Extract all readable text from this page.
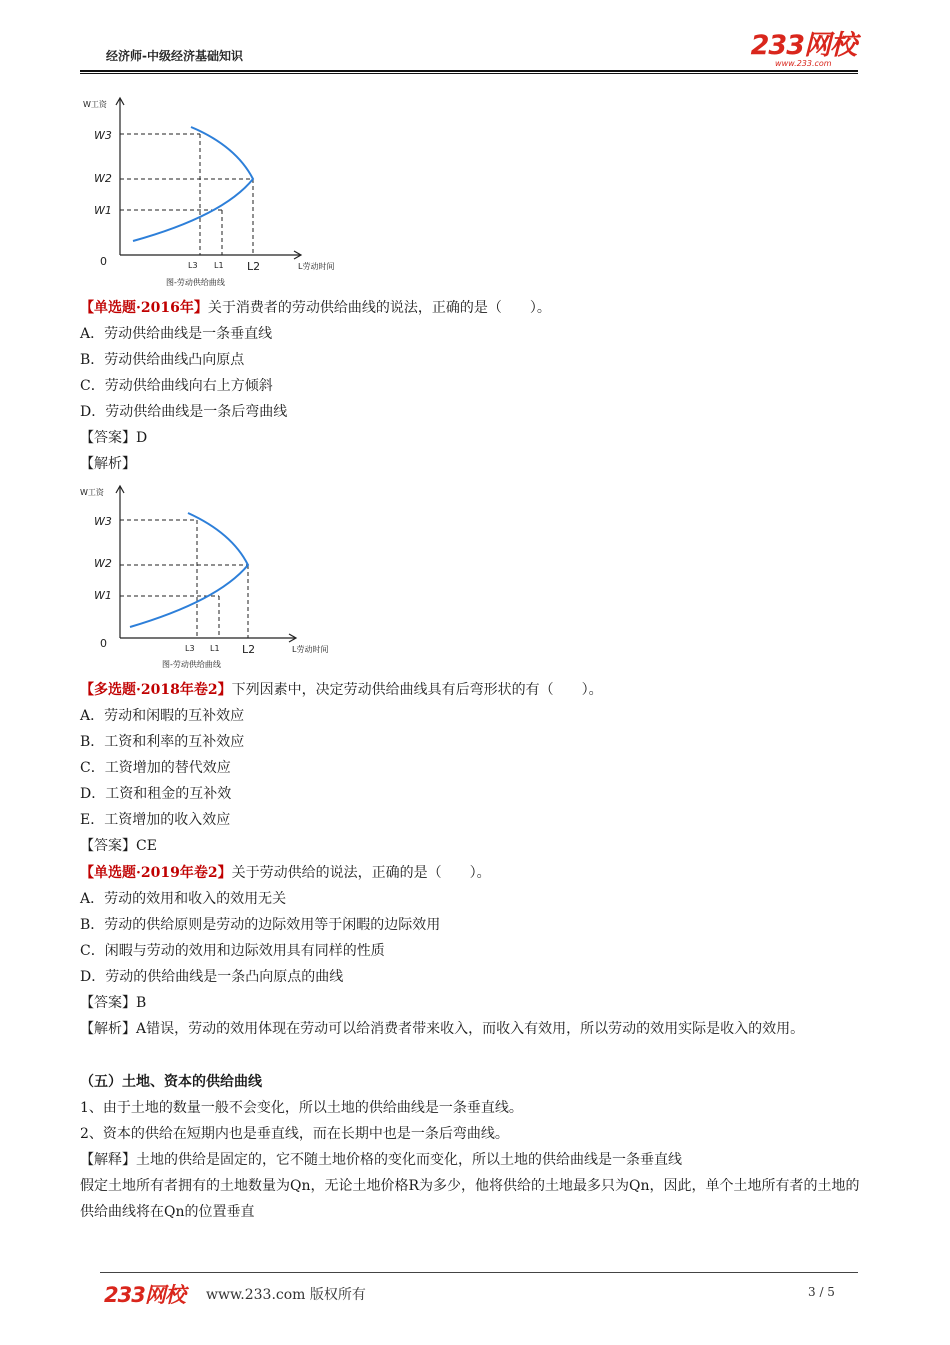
经济师-中级经济基础知识	233网校
www.233.com
W工资
W3
W2
W1
0	L3 L1 L2	L劳动时间
图-劳动供给曲线
【单选题·2016年】关于消费者的劳动供给曲线的说法，正确的是（　　）。
A．劳动供给曲线是一条垂直线
B．劳动供给曲线凸向原点
C．劳动供给曲线向右上方倾斜
D．劳动供给曲线是一条后弯曲线
【答案】D
【解析】
W工资
W3
W2
W1
0	L3 L1 L2	L劳动时间
图-劳动供给曲线
【多选题·2018年卷2】下列因素中，决定劳动供给曲线具有后弯形状的有（　　）。
A．劳动和闲暇的互补效应
B．工资和利率的互补效应
C．工资增加的替代效应
D．工资和租金的互补效
E．工资增加的收入效应
【答案】CE
【单选题·2019年卷2】关于劳动供给的说法，正确的是（　　）。
A．劳动的效用和收入的效用无关
B．劳动的供给原则是劳动的边际效用等于闲暇的边际效用
C．闲暇与劳动的效用和边际效用具有同样的性质
D．劳动的供给曲线是一条凸向原点的曲线
【答案】B
【解析】A错误，劳动的效用体现在劳动可以给消费者带来收入，而收入有效用，所以劳动的效用实际是收入的效用。
（五）土地、资本的供给曲线
1、由于土地的数量一般不会变化，所以土地的供给曲线是一条垂直线。
2、资本的供给在短期内也是垂直线，而在长期中也是一条后弯曲线。
【解释】土地的供给是固定的，它不随土地价格的变化而变化，所以土地的供给曲线是一条垂直线
假定土地所有者拥有的土地数量为Qn，无论土地价格R为多少，他将供给的土地最多只为Qn，因此，单个土地所有者的土地的供给曲线将在Qn的位置垂直
233网校 www.233.com 版权所有	3 / 5
